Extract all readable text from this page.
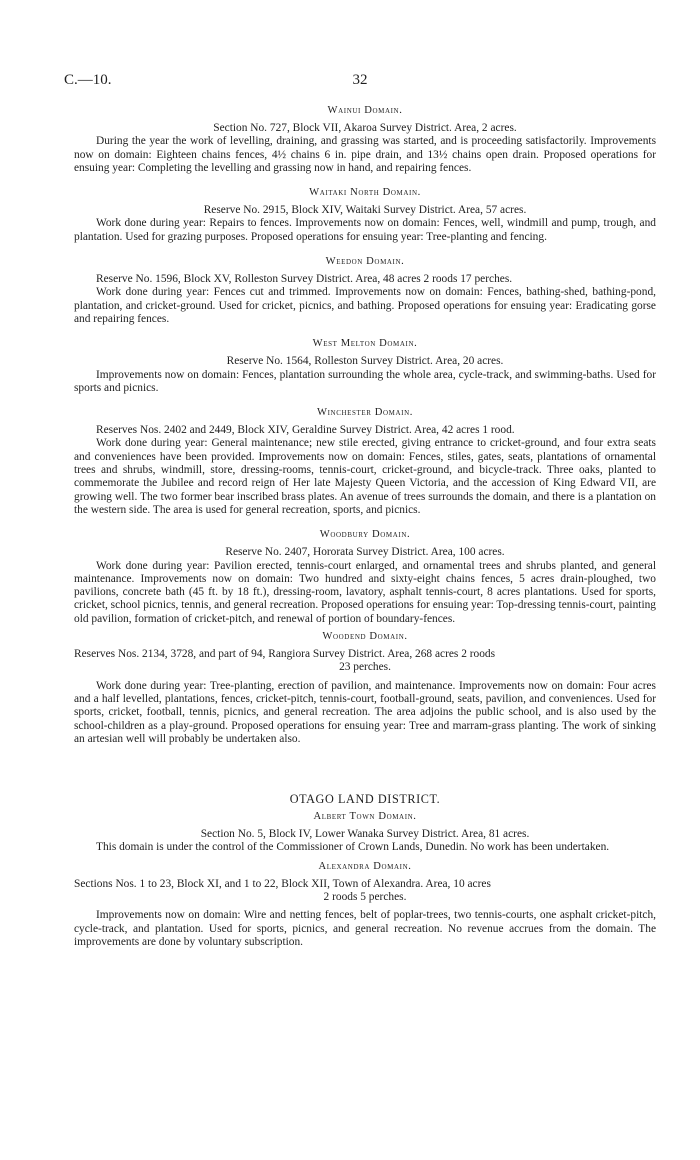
C.—10.	32
Wainui Domain.

Section No. 727, Block VII, Akaroa Survey District. Area, 2 acres.

During the year the work of levelling, draining, and grassing was started, and is proceeding satisfactorily. Improvements now on domain: Eighteen chains fences, 4½ chains 6 in. pipe drain, and 13½ chains open drain. Proposed operations for ensuing year: Completing the levelling and grassing now in hand, and repairing fences.

Waitaki North Domain.

Reserve No. 2915, Block XIV, Waitaki Survey District. Area, 57 acres.

Work done during year: Repairs to fences. Improvements now on domain: Fences, well, windmill and pump, trough, and plantation. Used for grazing purposes. Proposed operations for ensuing year: Tree-planting and fencing.

Weedon Domain.

Reserve No. 1596, Block XV, Rolleston Survey District. Area, 48 acres 2 roods 17 perches.

Work done during year: Fences cut and trimmed. Improvements now on domain: Fences, bathing-shed, bathing-pond, plantation, and cricket-ground. Used for cricket, picnics, and bathing. Proposed operations for ensuing year: Eradicating gorse and repairing fences.

West Melton Domain.

Reserve No. 1564, Rolleston Survey District. Area, 20 acres.

Improvements now on domain: Fences, plantation surrounding the whole area, cycle-track, and swimming-baths. Used for sports and picnics.

Winchester Domain.

Reserves Nos. 2402 and 2449, Block XIV, Geraldine Survey District. Area, 42 acres 1 rood.

Work done during year: General maintenance; new stile erected, giving entrance to cricket-ground, and four extra seats and conveniences have been provided. Improvements now on domain: Fences, stiles, gates, seats, plantations of ornamental trees and shrubs, windmill, store, dressing-rooms, tennis-court, cricket-ground, and bicycle-track. Three oaks, planted to commemorate the Jubilee and record reign of Her late Majesty Queen Victoria, and the accession of King Edward VII, are growing well. The two former bear inscribed brass plates. An avenue of trees surrounds the domain, and there is a plantation on the western side. The area is used for general recreation, sports, and picnics.

Woodbury Domain.

Reserve No. 2407, Hororata Survey District. Area, 100 acres.

Work done during year: Pavilion erected, tennis-court enlarged, and ornamental trees and shrubs planted, and general maintenance. Improvements now on domain: Two hundred and sixty-eight chains fences, 5 acres drain-ploughed, two pavilions, concrete bath (45 ft. by 18 ft.), dressing-room, lavatory, asphalt tennis-court, 8 acres plantations. Used for sports, cricket, school picnics, tennis, and general recreation. Proposed operations for ensuing year: Top-dressing tennis-court, painting old pavilion, formation of cricket-pitch, and renewal of portion of boundary-fences.

Woodend Domain.

Reserves Nos. 2134, 3728, and part of 94, Rangiora Survey District. Area, 268 acres 2 roods

23 perches.

Work done during year: Tree-planting, erection of pavilion, and maintenance. Improvements now on domain: Four acres and a half levelled, plantations, fences, cricket-pitch, tennis-court, football-ground, seats, pavilion, and conveniences. Used for sports, cricket, football, tennis, picnics, and general recreation. The area adjoins the public school, and is also used by the school-children as a play-ground. Proposed operations for ensuing year: Tree and marram-grass planting. The work of sinking an artesian well will probably be undertaken also.

OTAGO LAND DISTRICT.
Albert Town Domain.

Section No. 5, Block IV, Lower Wanaka Survey District. Area, 81 acres.

This domain is under the control of the Commissioner of Crown Lands, Dunedin. No work has been undertaken.

Alexandra Domain.

Sections Nos. 1 to 23, Block XI, and 1 to 22, Block XII, Town of Alexandra. Area, 10 acres

2 roods 5 perches.

Improvements now on domain: Wire and netting fences, belt of poplar-trees, two tennis-courts, one asphalt cricket-pitch, cycle-track, and plantation. Used for sports, picnics, and general recreation. No revenue accrues from the domain. The improvements are done by voluntary subscription.
